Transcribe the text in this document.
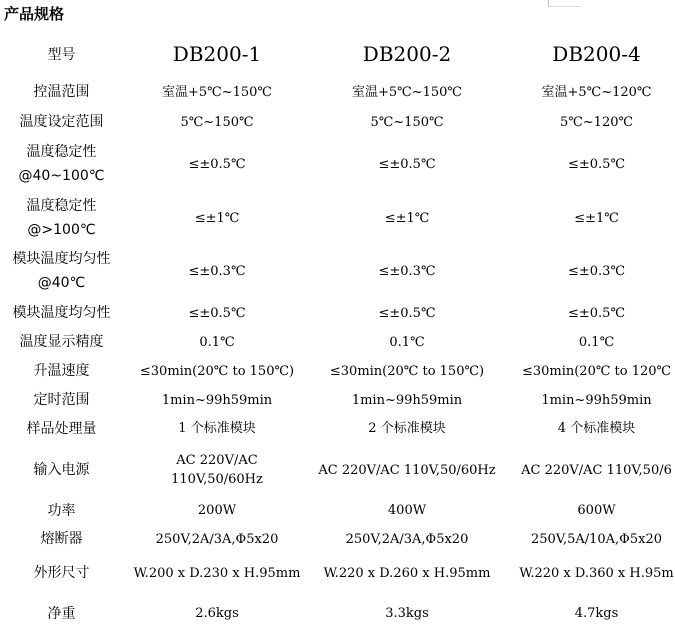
产品规格
型号	DB200-1	DB200-2	DB200-4

控温范围	室温+5℃~150℃	室温+5℃~150℃	室温+5℃~120℃

温度设定范围	5℃~150℃	5℃~150℃	5℃~120℃

温度稳定性
@40~100℃	≤±0.5℃	≤±0.5℃	≤±0.5℃

温度稳定性
@>100℃	≤±1℃	≤±1℃	≤±1℃

模块温度均匀性
@40℃	≤±0.3℃	≤±0.3℃	≤±0.3℃

模块温度均匀性	≤±0.5℃	≤±0.5℃	≤±0.5℃

温度显示精度	0.1℃	0.1℃	0.1℃

升温速度	≤30min(20℃ to 150℃)	≤30min(20℃ to 150℃)	≤30min(20℃ to 120℃

定时范围	1min~99h59min	1min~99h59min	1min~99h59min

样品处理量	1 个标准模块	2 个标准模块	4 个标准模块

输入电源	AC 220V/AC 110V,50/60Hz	AC 220V/AC 110V,50/60Hz	AC 220V/AC 110V,50/6

功率	200W	400W	600W

熔断器	250V,2A/3A,Φ5x20	250V,2A/3A,Φ5x20	250V,5A/10A,Φ5x20

外形尺寸	W.200 x D.230 x H.95mm	W.220 x D.260 x H.95mm	W.220 x D.360 x H.95m

净重	2.6kgs	3.3kgs	4.7kgs
